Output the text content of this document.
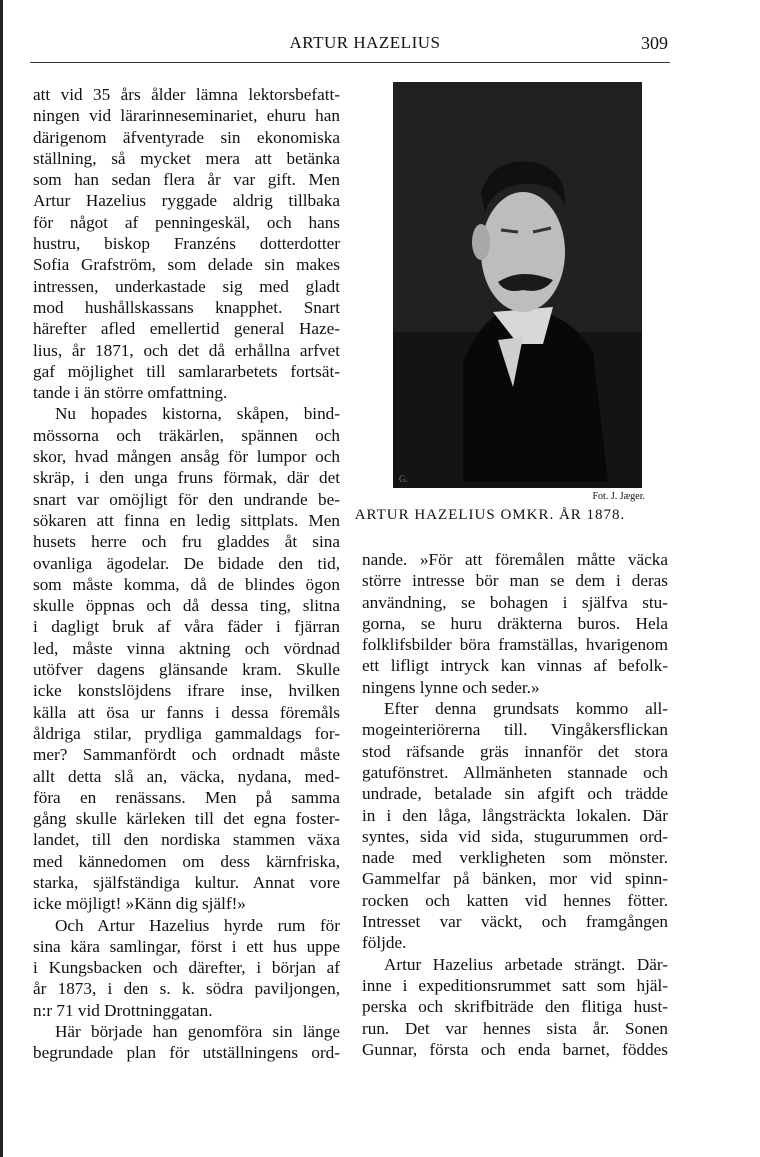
ARTUR HAZELIUS	309
att vid 35 års ålder lämna lektorsbefatt-
ningen vid lärarinneseminariet, ehuru han
därigenom äfventyrade sin ekonomiska
ställning, så mycket mera att betänka
som han sedan flera år var gift. Men
Artur Hazelius ryggade aldrig tillbaka
för något af penningeskäl, och hans
hustru, biskop Franzéns dotterdotter
Sofia Grafström, som delade sin makes
intressen, underkastade sig med gladt
mod hushållskassans knapphet. Snart
härefter afled emellertid general Haze-
lius, år 1871, och det då erhållna arfvet
gaf möjlighet till samlararbetets fortsät-
tande i än större omfattning.
Nu hopades kistorna, skåpen, bind-
mössorna och träkärlen, spännen och
skor, hvad mången ansåg för lumpor och
skräp, i den unga fruns förmak, där det
snart var omöjligt för den undrande be-
sökaren att finna en ledig sittplats. Men
husets herre och fru gladdes åt sina
ovanliga ägodelar. De bidade den tid,
som måste komma, då de blindes ögon
skulle öppnas och då dessa ting, slitna
i dagligt bruk af våra fäder i fjärran
led, måste vinna aktning och vördnad
utöfver dagens glänsande kram. Skulle
icke konstslöjdens ifrare inse, hvilken
källa att ösa ur fanns i dessa föremåls
åldriga stilar, prydliga gammaldags for-
mer? Sammanfördt och ordnadt måste
allt detta slå an, väcka, nydana, med-
föra en renässans. Men på samma
gång skulle kärleken till det egna foster-
landet, till den nordiska stammen växa
med kännedomen om dess kärnfriska,
starka, själfständiga kultur. Annat vore
icke möjligt! »Känn dig själf!»
Och Artur Hazelius hyrde rum för
sina kära samlingar, först i ett hus uppe
i Kungsbacken och därefter, i början af
år 1873, i den s. k. södra paviljongen,
n:r 71 vid Drottninggatan.
Här började han genomföra sin länge
begrundade plan för utställningens ord-
G.
Fot. J. Jæger.
ARTUR HAZELIUS OMKR. ÅR 1878.
nande. »För att föremålen måtte väcka
större intresse bör man se dem i deras
användning, se bohagen i själfva stu-
gorna, se huru dräkterna buros. Hela
folklifsbilder böra framställas, hvarigenom
ett lifligt intryck kan vinnas af befolk-
ningens lynne och seder.»
Efter denna grundsats kommo all-
mogeinteriörerna till. Vingåkersflickan
stod räfsande gräs innanför det stora
gatufönstret. Allmänheten stannade och
undrade, betalade sin afgift och trädde
in i den låga, långsträckta lokalen. Där
syntes, sida vid sida, stugurummen ord-
nade med verkligheten som mönster.
Gammelfar på bänken, mor vid spinn-
rocken och katten vid hennes fötter.
Intresset var väckt, och framgången
följde.
Artur Hazelius arbetade strängt. Där-
inne i expeditionsrummet satt som hjäl-
perska och skrifbiträde den flitiga hust-
run. Det var hennes sista år. Sonen
Gunnar, första och enda barnet, föddes
